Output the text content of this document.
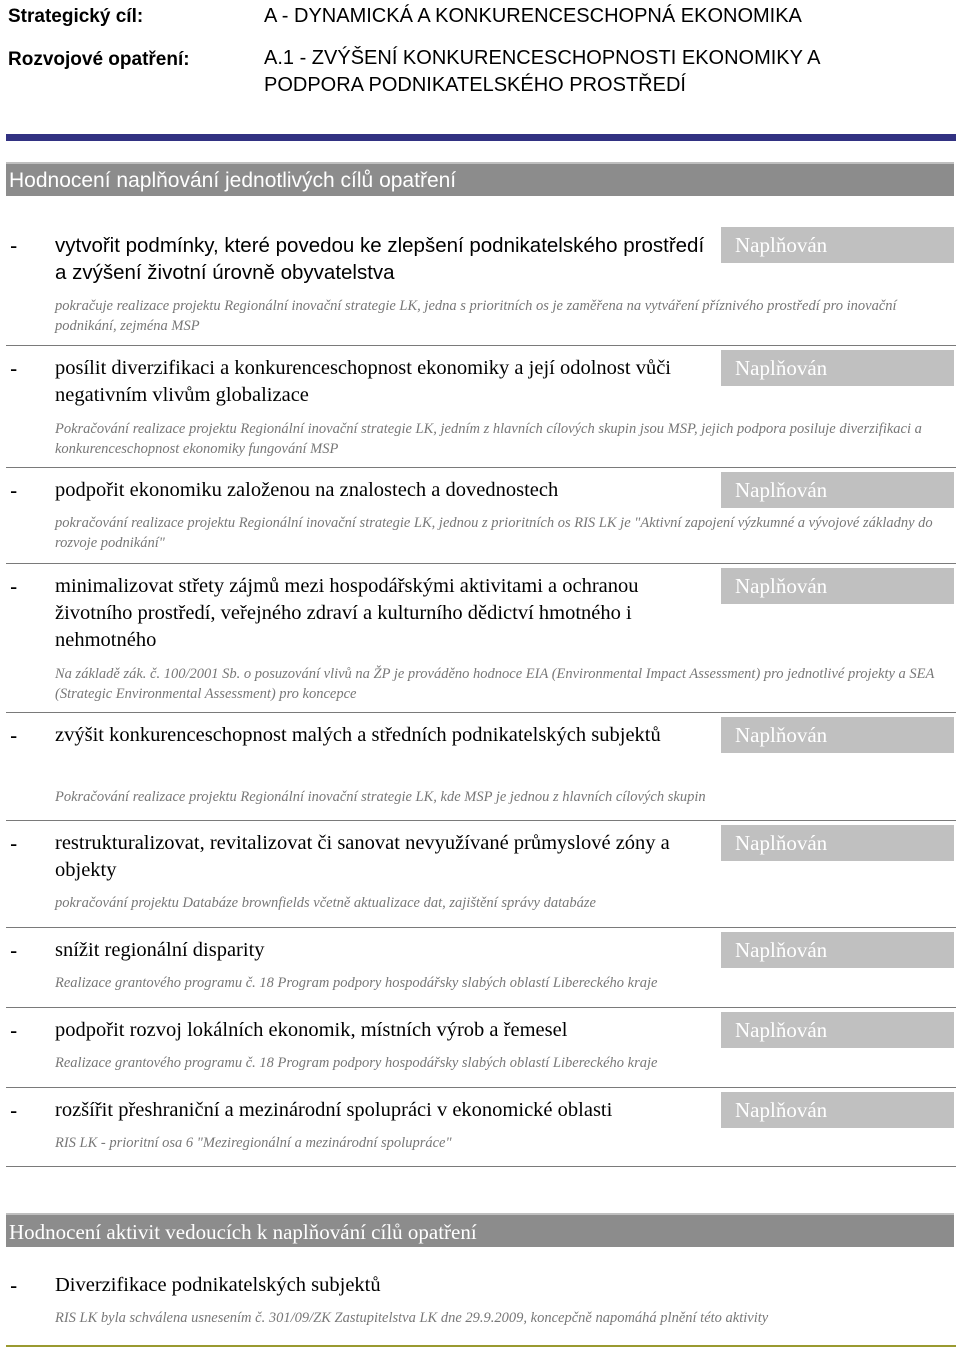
Strategický cíl:	A - DYNAMICKÁ A KONKURENCESCHOPNÁ EKONOMIKA
Rozvojové opatření:	A.1 - ZVÝŠENÍ KONKURENCESCHOPNOSTI EKONOMIKY A
PODPORA PODNIKATELSKÉHO PROSTŘEDÍ
Hodnocení naplňování jednotlivých cílů opatření
- vytvořit podmínky, které povedou ke zlepšení podnikatelského prostředí a zvýšení životní úrovně obyvatelstva
Naplňován
pokračuje realizace projektu Regionální inovační strategie LK, jedna s prioritních os je zaměřena na vytváření příznivého prostředí pro inovační podnikání, zejména MSP
- posílit diverzifikaci a konkurenceschopnost ekonomiky a její odolnost vůči negativním vlivům globalizace
Naplňován
Pokračování realizace projektu Regionální inovační strategie LK, jedním z hlavních cílových skupin jsou MSP, jejich podpora posiluje diverzifikaci a konkurenceschopnost ekonomiky fungování MSP
- podpořit ekonomiku založenou na znalostech a dovednostech	Naplňován
pokračování realizace projektu Regionální inovační strategie LK, jednou z prioritních os RIS LK je "Aktivní zapojení výzkumné a vývojové základny do rozvoje podnikání"
- minimalizovat střety zájmů mezi hospodářskými aktivitami a ochranou životního prostředí, veřejného zdraví a kulturního dědictví hmotného i nehmotného
Naplňován
Na základě zák. č. 100/2001 Sb. o posuzování vlivů na ŽP je prováděno hodnoce EIA (Environmental Impact Assessment) pro jednotlivé projekty a SEA (Strategic Environmental Assessment) pro koncepce
- zvýšit konkurenceschopnost malých a středních podnikatelských subjektů	Naplňován
Pokračování realizace projektu Regionální inovační strategie LK, kde MSP je jednou z hlavních cílových skupin
- restrukturalizovat, revitalizovat či sanovat nevyužívané průmyslové zóny a objekty
Naplňován
pokračování projektu Databáze brownfields včetně aktualizace dat, zajištění správy databáze
- snížit regionální disparity	Naplňován
Realizace grantového programu č. 18 Program podpory hospodářsky slabých oblastí Libereckého kraje
- podpořit rozvoj lokálních ekonomik, místních výrob a řemesel	Naplňován
Realizace grantového programu č. 18 Program podpory hospodářsky slabých oblastí Libereckého kraje
- rozšířit přeshraniční a mezinárodní spolupráci v ekonomické oblasti	Naplňován
RIS LK - prioritní osa 6 "Meziregionální a mezinárodní spolupráce"
Hodnocení aktivit vedoucích k naplňování cílů opatření
- Diverzifikace podnikatelských subjektů
RIS LK byla schválena usnesením č. 301/09/ZK Zastupitelstva LK dne 29.9.2009, koncepčně napomáhá plnění této aktivity
